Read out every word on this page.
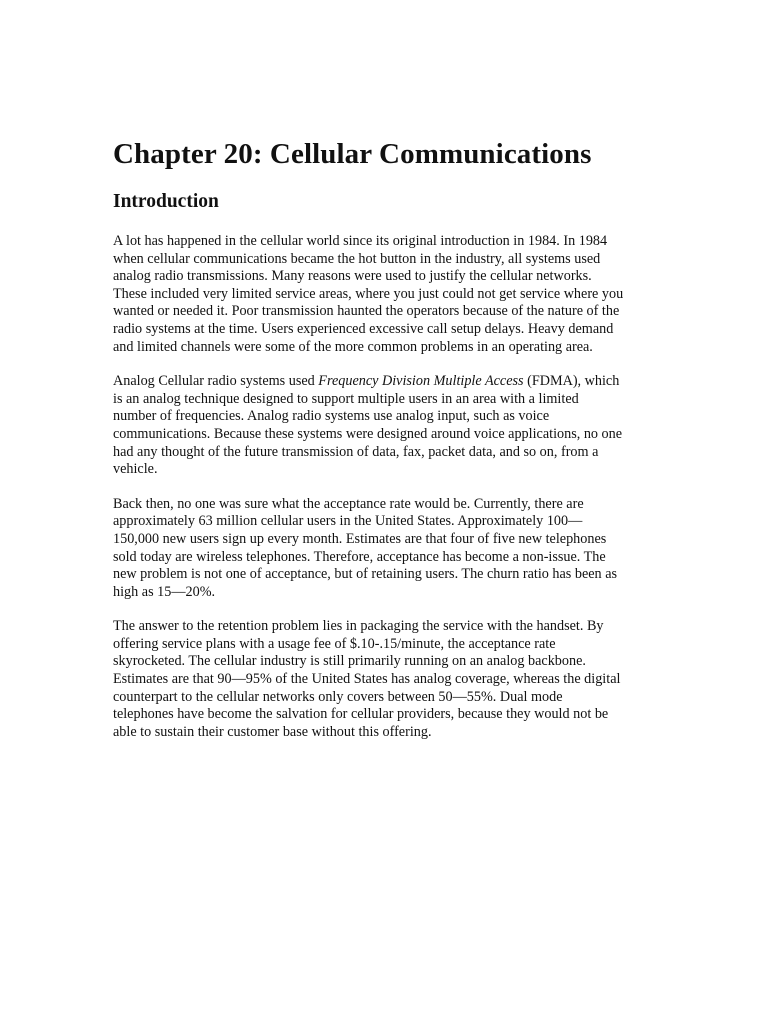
Chapter 20: Cellular Communications
Introduction

A lot has happened in the cellular world since its original introduction in 1984. In 1984
when cellular communications became the hot button in the industry, all systems used
analog radio transmissions. Many reasons were used to justify the cellular networks.
These included very limited service areas, where you just could not get service where you
wanted or needed it. Poor transmission haunted the operators because of the nature of the
radio systems at the time. Users experienced excessive call setup delays. Heavy demand
and limited channels were some of the more common problems in an operating area.

Analog Cellular radio systems used Frequency Division Multiple Access (FDMA), which
is an analog technique designed to support multiple users in an area with a limited
number of frequencies. Analog radio systems use analog input, such as voice
communications. Because these systems were designed around voice applications, no one
had any thought of the future transmission of data, fax, packet data, and so on, from a
vehicle.

Back then, no one was sure what the acceptance rate would be. Currently, there are
approximately 63 million cellular users in the United States. Approximately 100—
150,000 new users sign up every month. Estimates are that four of five new telephones
sold today are wireless telephones. Therefore, acceptance has become a non-issue. The
new problem is not one of acceptance, but of retaining users. The churn ratio has been as
high as 15—20%.

The answer to the retention problem lies in packaging the service with the handset. By
offering service plans with a usage fee of $.10-.15/minute, the acceptance rate
skyrocketed. The cellular industry is still primarily running on an analog backbone.
Estimates are that 90—95% of the United States has analog coverage, whereas the digital
counterpart to the cellular networks only covers between 50—55%. Dual mode
telephones have become the salvation for cellular providers, because they would not be
able to sustain their customer base without this offering.
